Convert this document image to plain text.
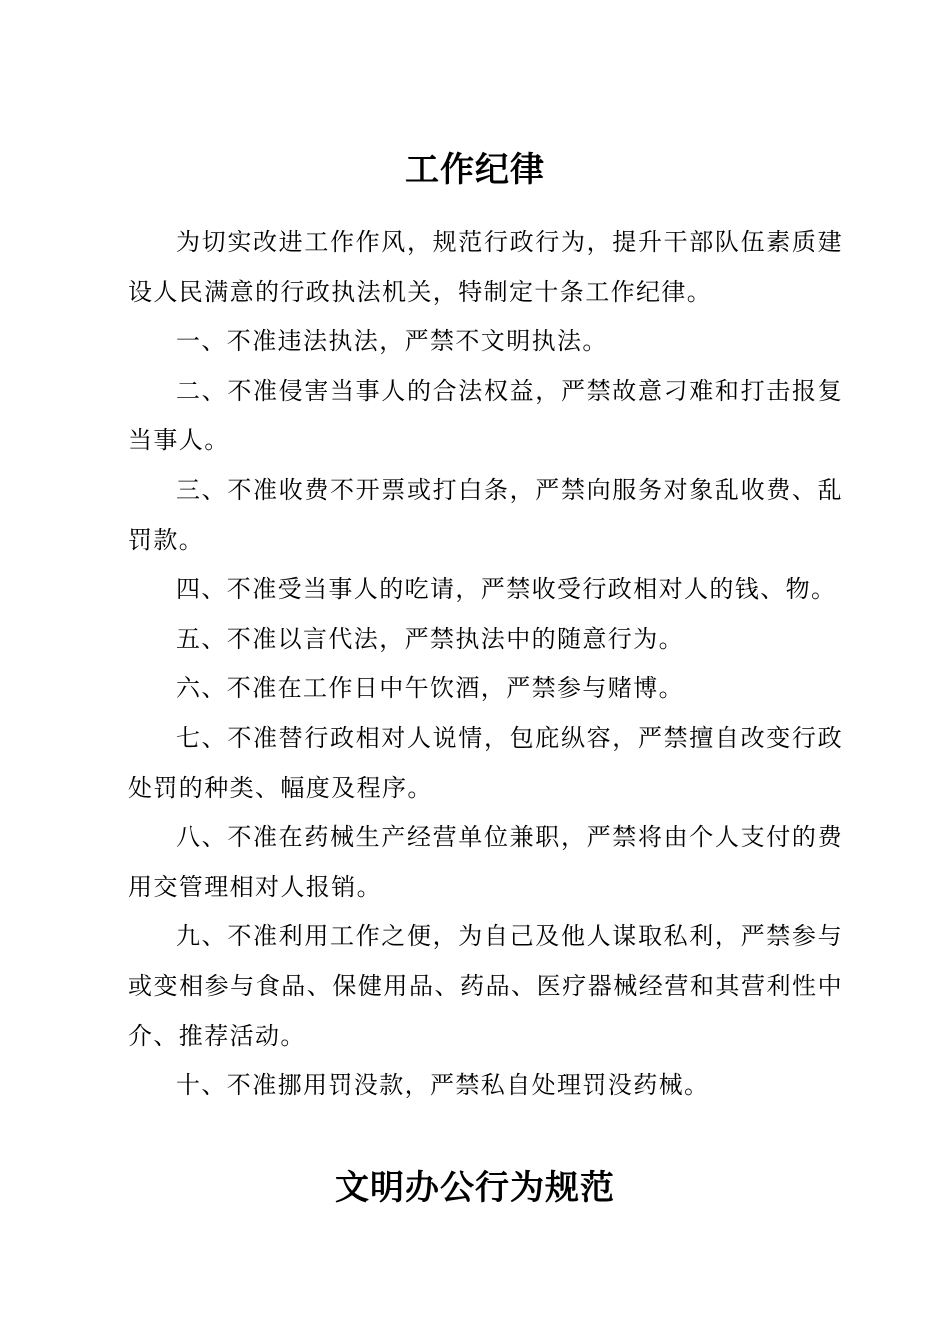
工作纪律

为切实改进工作作风，规范行政行为，提升干部队伍素质建设人民满意的行政执法机关，特制定十条工作纪律。

一、不准违法执法，严禁不文明执法。

二、不准侵害当事人的合法权益，严禁故意刁难和打击报复当事人。

三、不准收费不开票或打白条，严禁向服务对象乱收费、乱罚款。

四、不准受当事人的吃请，严禁收受行政相对人的钱、物。

五、不准以言代法，严禁执法中的随意行为。

六、不准在工作日中午饮酒，严禁参与赌博。

七、不准替行政相对人说情，包庇纵容，严禁擅自改变行政处罚的种类、幅度及程序。

八、不准在药械生产经营单位兼职，严禁将由个人支付的费用交管理相对人报销。

九、不准利用工作之便，为自己及他人谋取私利，严禁参与或变相参与食品、保健用品、药品、医疗器械经营和其营利性中介、推荐活动。

十、不准挪用罚没款，严禁私自处理罚没药械。

文明办公行为规范
